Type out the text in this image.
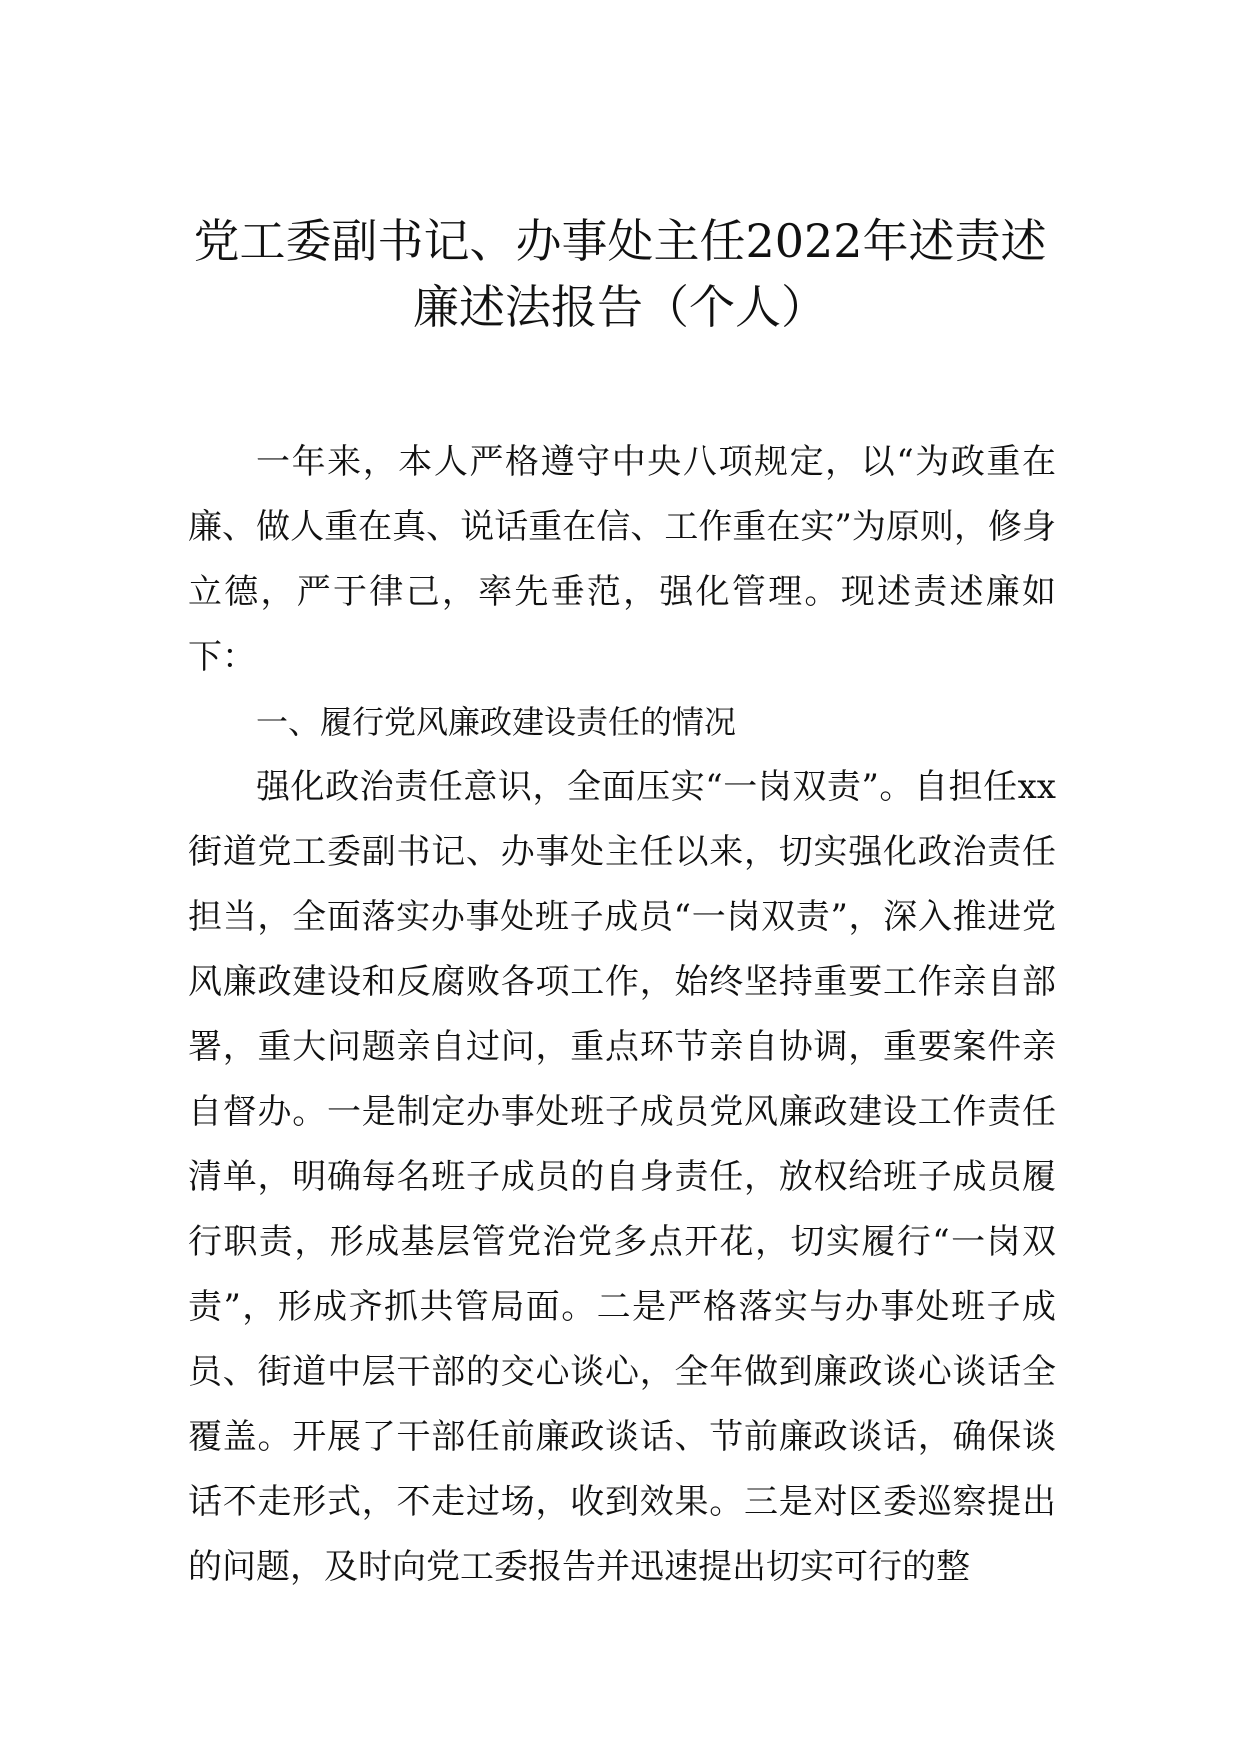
党工委副书记、办事处主任2022年述责述
廉述法报告（个人）

一年来，本人严格遵守中央八项规定，以“为政重在廉、做人重在真、说话重在信、工作重在实”为原则，修身立德，严于律己，率先垂范，强化管理。现述责述廉如下：

一、履行党风廉政建设责任的情况

强化政治责任意识，全面压实“一岗双责”。自担任xx街道党工委副书记、办事处主任以来，切实强化政治责任担当，全面落实办事处班子成员“一岗双责”，深入推进党风廉政建设和反腐败各项工作，始终坚持重要工作亲自部署，重大问题亲自过问，重点环节亲自协调，重要案件亲自督办。一是制定办事处班子成员党风廉政建设工作责任清单，明确每名班子成员的自身责任，放权给班子成员履行职责，形成基层管党治党多点开花，切实履行“一岗双责”，形成齐抓共管局面。二是严格落实与办事处班子成员、街道中层干部的交心谈心，全年做到廉政谈心谈话全覆盖。开展了干部任前廉政谈话、节前廉政谈话，确保谈话不走形式，不走过场，收到效果。三是对区委巡察提出的问题，及时向党工委报告并迅速提出切实可行的整
